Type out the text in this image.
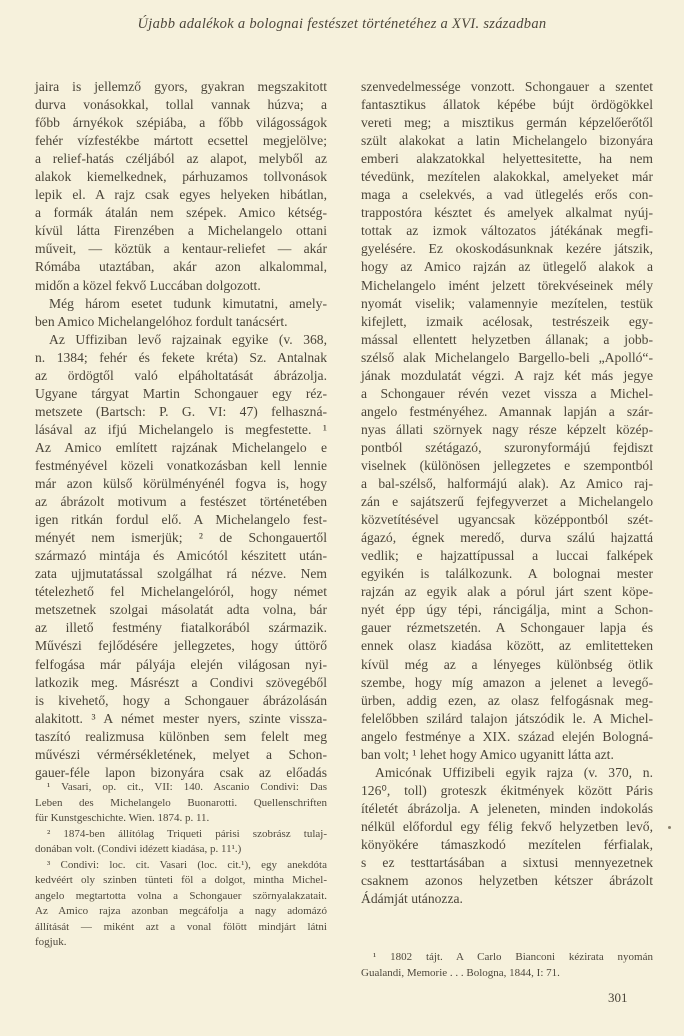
Újabb adalékok a bolognai festészet történetéhez a XVI. században
jaira is jellemző gyors, gyakran megszakitott
durva vonásokkal, tollal vannak húzva; a
főbb árnyékok szépiába, a főbb világosságok
fehér vízfestékbe mártott ecsettel megjelölve;
a relief-hatás czéljából az alapot, melyből az
alakok kiemelkednek, párhuzamos tollvonások
lepik el. A rajz csak egyes helyeken hibátlan,
a formák átalán nem szépek. Amico kétség-
kívül látta Firenzében a Michelangelo ottani
műveit, — köztük a kentaur-reliefet — akár
Rómába utaztában, akár azon alkalommal,
midőn a közel fekvő Luccában dolgozott.
Még három esetet tudunk kimutatni, amely-
ben Amico Michelangelóhoz fordult tanácsért.
Az Uffiziban levő rajzainak egyike (v. 368,
n. 1384; fehér és fekete kréta) Sz. Antalnak
az ördögtől való elpáholtatását ábrázolja.
Ugyane tárgyat Martin Schongauer egy réz-
metszete (Bartsch: P. G. VI: 47) felhaszná-
lásával az ifjú Michelangelo is megfestette. ¹
Az Amico említett rajzának Michelangelo e
festményével közeli vonatkozásban kell lennie
már azon külső körülményénél fogva is, hogy
az ábrázolt motivum a festészet történetében
igen ritkán fordul elő. A Michelangelo fest-
ményét nem ismerjük; ² de Schongauertől
származó mintája és Amicótól készitett után-
zata ujjmutatással szolgálhat rá nézve. Nem
tételezhető fel Michelangelóról, hogy német
metszetnek szolgai másolatát adta volna, bár
az illető festmény fiatalkorából származik.
Művészi fejlődésére jellegzetes, hogy úttörő
felfogása már pályája elején világosan nyi-
latkozik meg. Másrészt a Condivi szövegéből
is kivehető, hogy a Schongauer ábrázolásán
alakitott. ³ A német mester nyers, szinte vissza-
taszító realizmusa különben sem felelt meg
művészi vérmérsékletének, melyet a Schon-
gauer-féle lapon bizonyára csak az előadás
szenvedelmessége vonzott. Schongauer a szentet
fantasztikus állatok képébe bújt ördögökkel
vereti meg; a misztikus germán képzelőerőtől
szült alakokat a latin Michelangelo bizonyára
emberi alakzatokkal helyettesitette, ha nem
tévedünk, mezítelen alakokkal, amelyeket már
maga a cselekvés, a vad ütlegelés erős con-
trappostóra késztet és amelyek alkalmat nyúj-
tottak az izmok változatos játékának megfi-
gyelésére. Ez okoskodásunknak kezére játszik,
hogy az Amico rajzán az ütlegelő alakok a
Michelangelo imént jelzett törekvéseinek mély
nyomát viselik; valamennyie mezítelen, testük
kifejlett, izmaik acélosak, testrészeik egy-
mással ellentett helyzetben állanak; a jobb-
szélső alak Michelangelo Bargello-beli „Apolló“-
jának mozdulatát végzi. A rajz két más jegye
a Schongauer révén vezet vissza a Michel-
angelo festményéhez. Amannak lapján a szár-
nyas állati szörnyek nagy része képzelt közép-
pontból szétágazó, szuronyformájú fejdiszt
viselnek (különösen jellegzetes e szempontból
a bal-szélső, halformájú alak). Az Amico raj-
zán e sajátszerű fejfegyverzet a Michelangelo
közvetítésével ugyancsak középpontból szét-
ágazó, égnek meredő, durva szálú hajzattá
vedlik; e hajzattípussal a luccai falképek
egyikén is találkozunk. A bolognai mester
rajzán az egyik alak a pórul járt szent köpe-
nyét épp úgy tépi, ráncigálja, mint a Schon-
gauer rézmetszetén. A Schongauer lapja és
ennek olasz kiadása között, az emlitetteken
kívül még az a lényeges különbség ötlik
szembe, hogy míg amazon a jelenet a levegő-
ürben, addig ezen, az olasz felfogásnak meg-
felelőbben szilárd talajon játszódik le. A Michel-
angelo festménye a XIX. század elején Bologná-
ban volt; ¹ lehet hogy Amico ugyanitt látta azt.
Amicónak Uffizibeli egyik rajza (v. 370, n.
126⁰, toll) groteszk ékitmények között Páris
ítéletét ábrázolja. A jeleneten, minden indokolás
nélkül előfordul egy félig fekvő helyzetben levő,
könyökére támaszkodó mezítelen férfialak,
s ez testtartásában a sixtusi mennyezetnek
csaknem azonos helyzetben kétszer ábrázolt
Ádámját utánozza.
¹ Vasari, op. cit., VII: 140. Ascanio Condivi: Das
Leben des Michelangelo Buonarotti. Quellenschriften
für Kunstgeschichte. Wien. 1874. p. 11.
² 1874-ben állítólag Triqueti párisi szobrász tulaj-
donában volt. (Condivi idézett kiadása, p. 11¹.)
³ Condivi: loc. cit. Vasari (loc. cit.¹), egy anekdóta
kedvéért oly szinben tünteti föl a dolgot, mintha Michel-
angelo megtartotta volna a Schongauer szörnyalakzatait.
Az Amico rajza azonban megcáfolja a nagy adomázó
állítását — miként azt a vonal fölött mindjárt látni
fogjuk.
¹ 1802 tájt. A Carlo Bianconi kézirata nyomán
Gualandi, Memorie . . . Bologna, 1844, I: 71.
301
